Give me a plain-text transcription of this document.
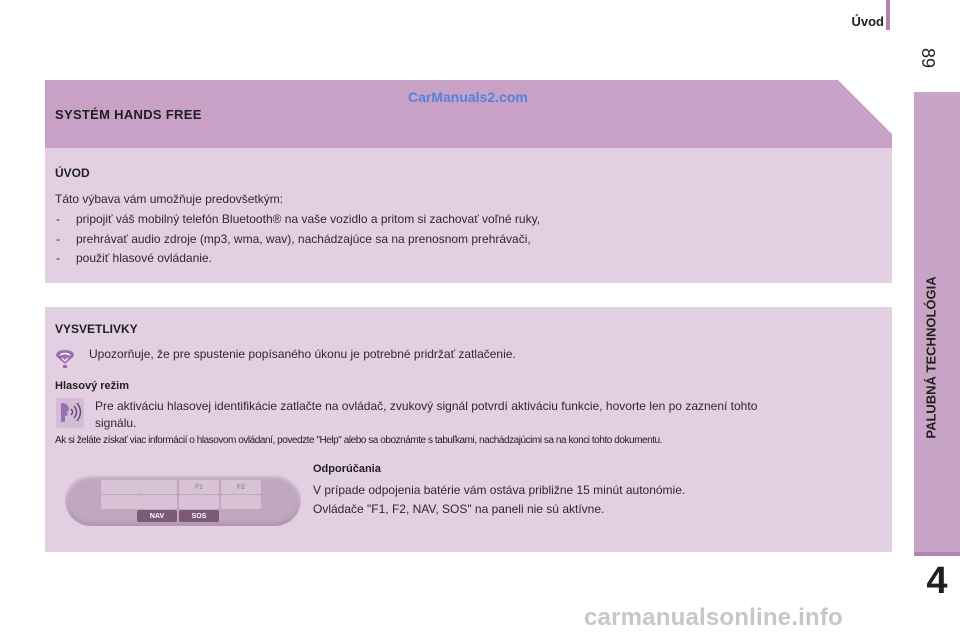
Úvod
89
PALUBNÁ TECHNOLÓGIA
4
CarManuals2.com
SYSTÉM HANDS FREE
ÚVOD
Táto výbava vám umožňuje predovšetkým:
- pripojiť váš mobilný telefón Bluetooth® na vaše vozidlo a pritom si zachovať voľné ruky,
- prehrávať audio zdroje (mp3, wma, wav), nachádzajúce sa na prenosnom prehrávači,
- použiť hlasové ovládanie.
VYSVETLIVKY
Upozorňuje, že pre spustenie popísaného úkonu je potrebné pridržať zatlačenie.
Hlasový režim
Pre aktiváciu hlasovej identifikácie zatlačte na ovládač, zvukový signál potvrdí aktiváciu funkcie, hovorte len po zaznení tohto
signálu.
Ak si želáte získať viac informácií o hlasovom ovládaní, povedzte "Help" alebo sa oboznámte s tabuľkami, nachádzajúcimi sa na konci tohto dokumentu.
Odporúčania
V prípade odpojenia batérie vám ostáva približne 15 minút autonómie.
Ovládače "F1, F2, NAV, SOS" na paneli nie sú aktívne.
F1	F2
NAV	SOS
carmanualsonline.info
